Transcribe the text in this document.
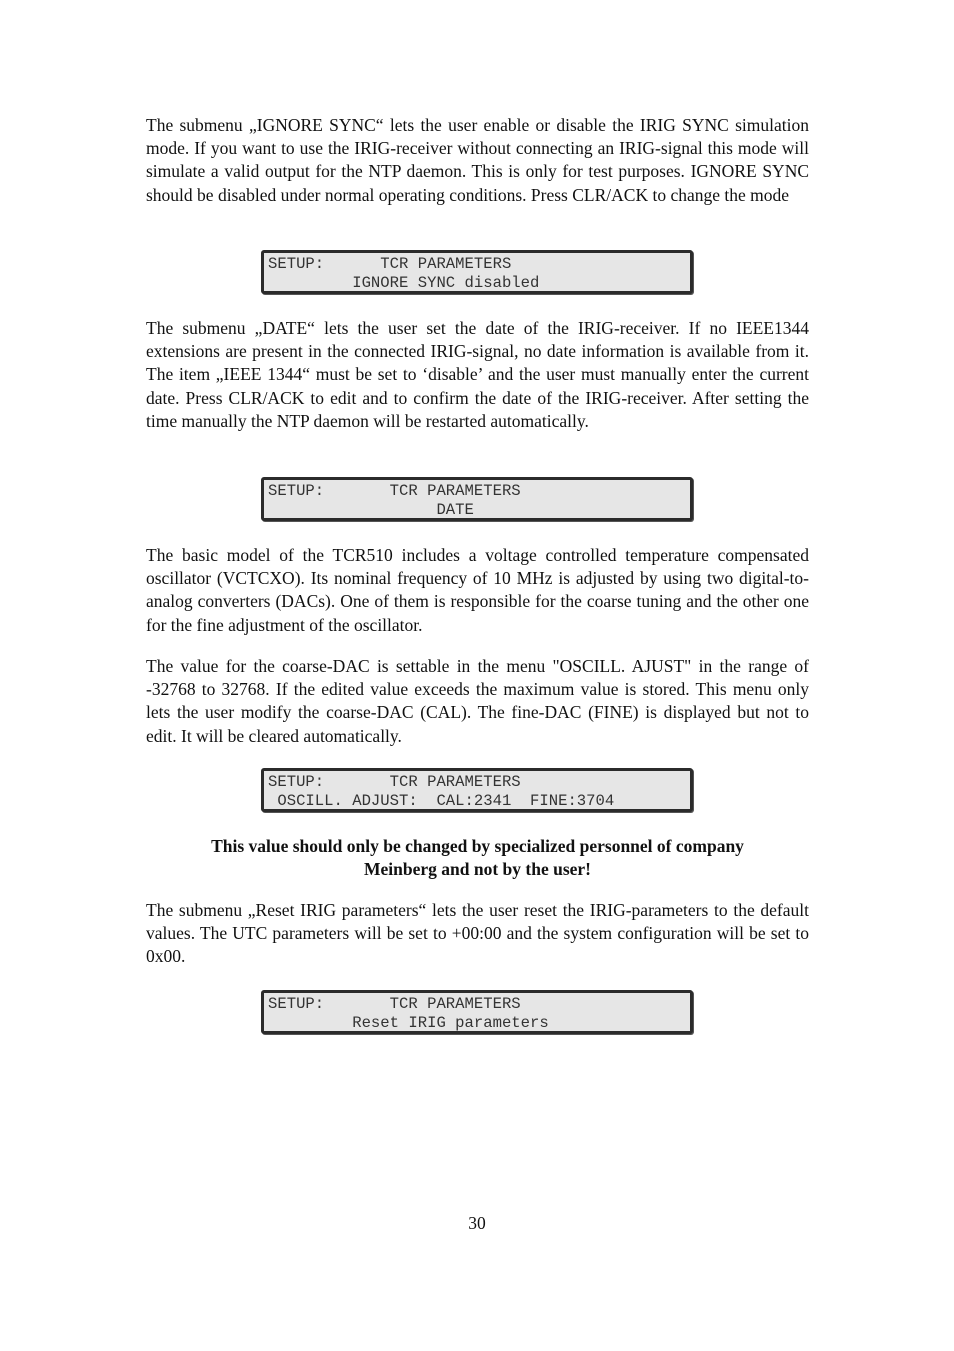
The submenu „IGNORE SYNC“ lets the user enable or disable the IRIG SYNC simulation mode. If you want to use the IRIG-receiver without connecting an IRIG-signal this mode will simulate a valid output for the NTP daemon. This is only for test purposes. IGNORE SYNC should be disabled under normal operating conditions. Press CLR/ACK to change the mode

SETUP:      TCR PARAMETERS
IGNORE SYNC disabled

The submenu „DATE“ lets the user set the date of the IRIG-receiver. If no IEEE1344 extensions are present in the connected IRIG-signal, no date information is available from it. The item „IEEE 1344“ must be set to ‘disable’ and the user must manually enter the current date. Press CLR/ACK to edit and to confirm the date of the IRIG-receiver. After setting the time manually the NTP daemon will be restarted automatically.

SETUP:       TCR PARAMETERS
DATE

The basic model of the TCR510 includes a voltage controlled temperature compensated oscillator (VCTCXO). Its nominal frequency of 10 MHz is adjusted by using two digital-to-analog converters (DACs). One of them is responsible for the coarse tuning and the other one for the fine adjustment of the oscillator.

The value for the coarse-DAC is settable in the menu "OSCILL. AJUST" in the range of -32768 to 32768. If the edited value exceeds the maximum value is stored. This menu only lets the user modify the coarse-DAC (CAL). The fine-DAC (FINE) is displayed but not to edit. It will be cleared automatically.

SETUP:       TCR PARAMETERS
OSCILL. ADJUST:  CAL:2341  FINE:3704
This value should only be changed by specialized personnel of company
Meinberg and not by the user!

The submenu „Reset IRIG parameters“ lets the user reset the IRIG-parameters to the default values. The UTC parameters will be set to +00:00 and the system configuration will be set to 0x00.

SETUP:       TCR PARAMETERS
Reset IRIG parameters
30
